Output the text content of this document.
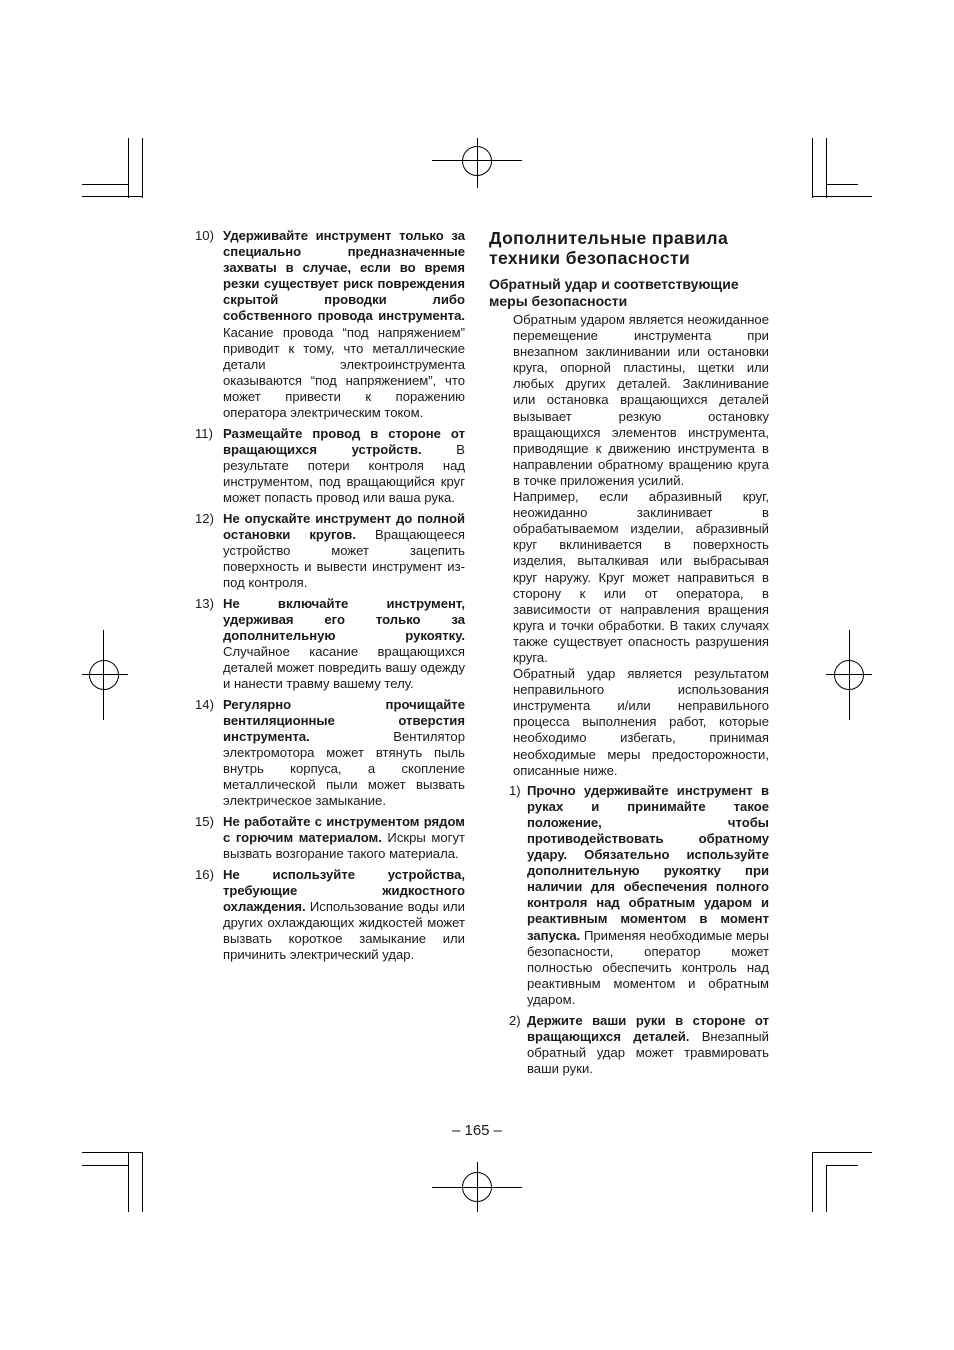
10) Удерживайте инструмент только за специально предназначенные захваты в случае, если во время резки существует риск повреждения скрытой проводки либо собственного провода инструмента. Касание провода “под напряжением” приводит к тому, что металлические детали электроинструмента оказываются “под напряжением”, что может привести к поражению оператора электрическим током.
11) Размещайте провод в стороне от вращающихся устройств. В результате потери контроля над инструментом, под вращающийся круг может попасть провод или ваша рука.
12) Не опускайте инструмент до полной остановки кругов. Вращающееся устройство может зацепить поверхность и вывести инструмент из-под контроля.
13) Не включайте инструмент, удерживая его только за дополнительную рукоятку. Случайное касание вращающихся деталей может повредить вашу одежду и нанести травму вашему телу.
14) Регулярно прочищайте вентиляционные отверстия инструмента. Вентилятор электромотора может втянуть пыль внутрь корпуса, а скопление металлической пыли может вызвать электрическое замыкание.
15) Не работайте с инструментом рядом с горючим материалом. Искры могут вызвать возгорание такого материала.
16) Не используйте устройства, требующие жидкостного охлаждения. Использование воды или других охлаждающих жидкостей может вызвать короткое замыкание или причинить электрический удар.
Дополнительные правила техники безопасности
Обратный удар и соответствующие меры безопасности
Обратным ударом является неожиданное перемещение инструмента при внезапном заклинивании или остановки круга, опорной пластины, щетки или любых других деталей. Заклинивание или остановка вращающихся деталей вызывает резкую остановку вращающихся элементов инструмента, приводящие к движению инструмента в направлении обратному вращению круга в точке приложения усилий.
Например, если абразивный круг, неожиданно заклинивает в обрабатываемом изделии, абразивный круг вклинивается в поверхность изделия, выталкивая или выбрасывая круг наружу. Круг может направиться в сторону к или от оператора, в зависимости от направления вращения круга и точки обработки. В таких случаях также существует опасность разрушения круга.
Обратный удар является результатом неправильного использования инструмента и/или неправильного процесса выполнения работ, которые необходимо избегать, принимая необходимые меры предосторожности, описанные ниже.
1) Прочно удерживайте инструмент в руках и принимайте такое положение, чтобы противодействовать обратному удару. Обязательно используйте дополнительную рукоятку при наличии для обеспечения полного контроля над обратным ударом и реактивным моментом в момент запуска. Применяя необходимые меры безопасности, оператор может полностью обеспечить контроль над реактивным моментом и обратным ударом.
2) Держите ваши руки в стороне от вращающихся деталей. Внезапный обратный удар может травмировать ваши руки.
– 165 –
